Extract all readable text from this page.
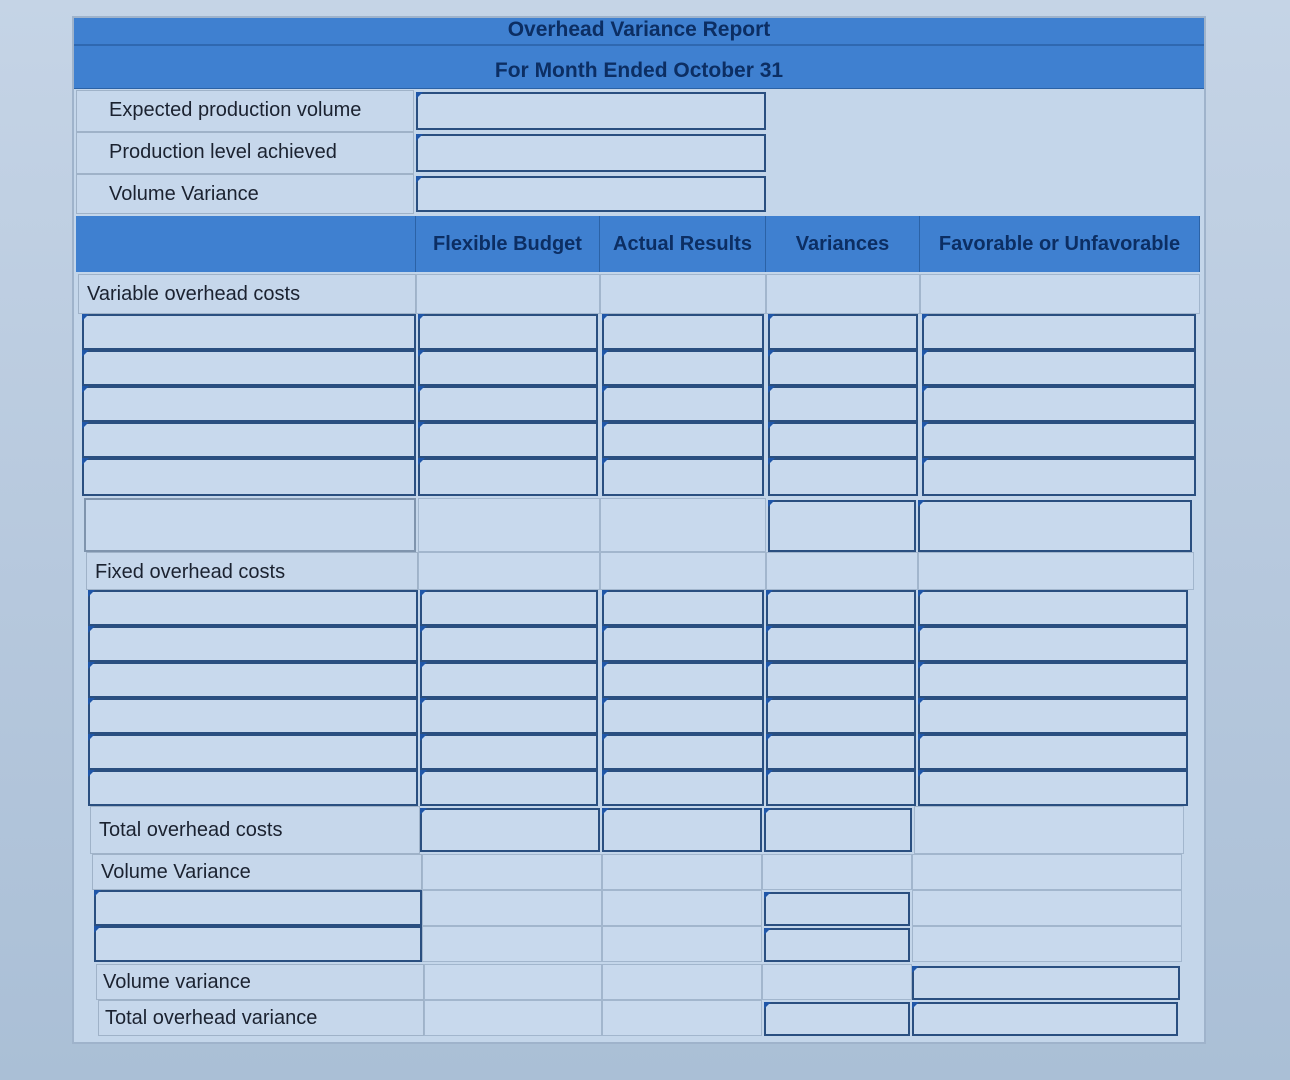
Overhead Variance Report
For Month Ended October 31
Expected production volume
Production level achieved
Volume Variance
Flexible Budget	Actual Results	Variances	Favorable or Unfavorable
Variable overhead costs
Fixed overhead costs
Total overhead costs
Volume Variance
Volume variance
Total overhead variance
